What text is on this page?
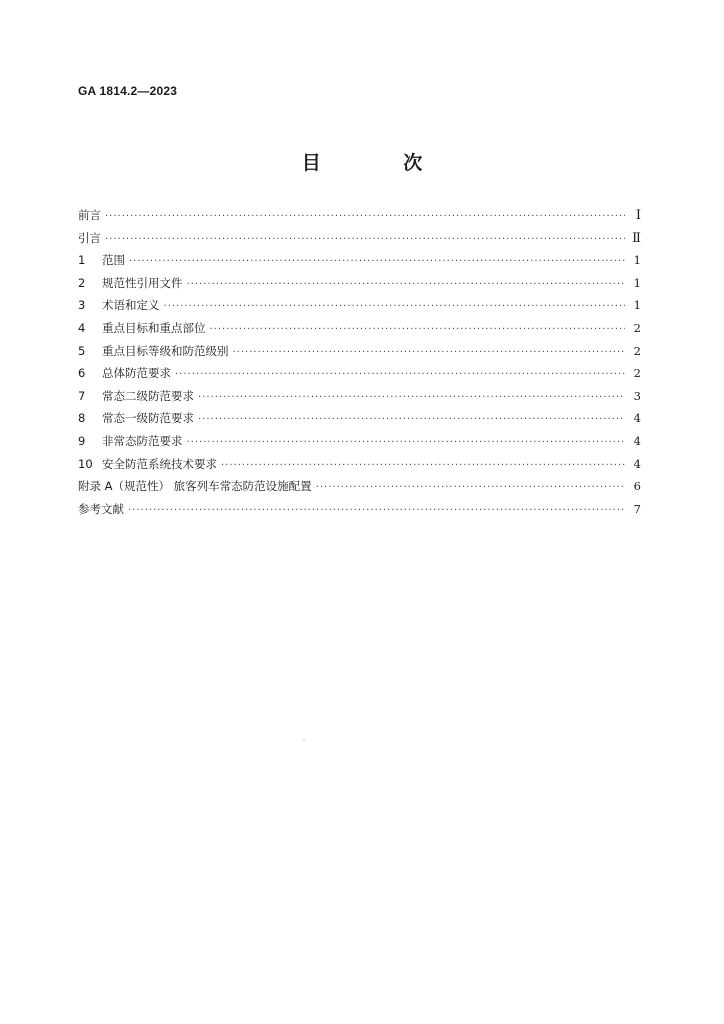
GA 1814.2—2023
目 次
前言 ·····	Ⅰ
引言 ·····	Ⅱ
1	范围 ·····	1
2	规范性引用文件 ·····	1
3	术语和定义 ·····	1
4	重点目标和重点部位 ·····	2
5	重点目标等级和防范级别 ·····	2
6	总体防范要求 ·····	2
7	常态二级防范要求 ·····	3
8	常态一级防范要求 ·····	4
9	非常态防范要求 ·····	4
10 安全防范系统技术要求 ·····	4
附录 A（规范性） 旅客列车常态防范设施配置 ·····	6
参考文献 ·····	7
